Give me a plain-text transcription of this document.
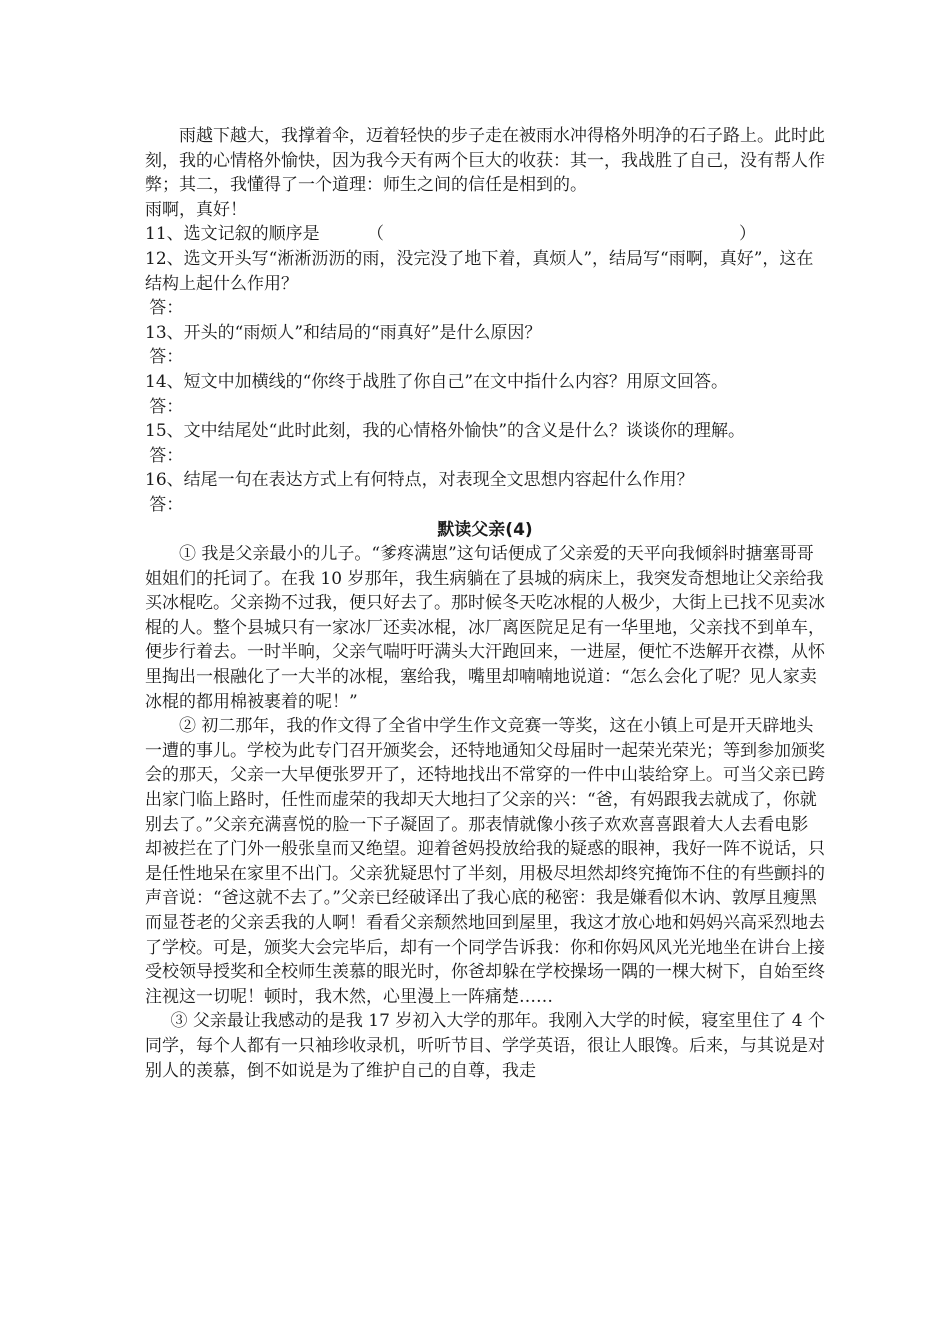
雨越下越大，我撑着伞，迈着轻快的步子走在被雨水冲得格外明净的石子路上。此时此刻，我的心情格外愉快，因为我今天有两个巨大的收获：其一，我战胜了自己，没有帮人作弊；其二，我懂得了一个道理：师生之间的信任是相到的。

雨啊，真好！

11、选文记叙的顺序是	（	）

12、选文开头写“淅淅沥沥的雨，没完没了地下着，真烦人”，结局写“雨啊，真好”，这在结构上起什么作用？

答：

13、开头的“雨烦人”和结局的“雨真好”是什么原因？

答：

14、短文中加横线的“你终于战胜了你自己”在文中指什么内容？用原文回答。

答：

15、文中结尾处“此时此刻，我的心情格外愉快”的含义是什么？谈谈你的理解。

答：

16、结尾一句在表达方式上有何特点，对表现全文思想内容起什么作用？

答：

默读父亲(4)

① 我是父亲最小的儿子。“爹疼满崽”这句话便成了父亲爱的天平向我倾斜时搪塞哥哥姐姐们的托词了。在我 10 岁那年，我生病躺在了县城的病床上，我突发奇想地让父亲给我买冰棍吃。父亲拗不过我，便只好去了。那时候冬天吃冰棍的人极少，大街上已找不见卖冰棍的人。整个县城只有一家冰厂还卖冰棍，冰厂离医院足足有一华里地，父亲找不到单车，便步行着去。一时半晌，父亲气喘吁吁满头大汗跑回来，一进屋，便忙不迭解开衣襟，从怀里掏出一根融化了一大半的冰棍，塞给我，嘴里却喃喃地说道：“怎么会化了呢？见人家卖冰棍的都用棉被裹着的呢！”

② 初二那年，我的作文得了全省中学生作文竞赛一等奖，这在小镇上可是开天辟地头一遭的事儿。学校为此专门召开颁奖会，还特地通知父母届时一起荣光荣光；等到参加颁奖会的那天，父亲一大早便张罗开了，还特地找出不常穿的一件中山装给穿上。可当父亲已跨出家门临上路时，任性而虚荣的我却天大地扫了父亲的兴：“爸，有妈跟我去就成了，你就别去了。”父亲充满喜悦的脸一下子凝固了。那表情就像小孩子欢欢喜喜跟着大人去看电影却被拦在了门外一般张皇而又绝望。迎着爸妈投放给我的疑惑的眼神，我好一阵不说话，只是任性地呆在家里不出门。父亲犹疑思忖了半刻，用极尽坦然却终究掩饰不住的有些颤抖的声音说：“爸这就不去了。”父亲已经破译出了我心底的秘密：我是嫌看似木讷、敦厚且瘦黑而显苍老的父亲丢我的人啊！看看父亲颓然地回到屋里，我这才放心地和妈妈兴高采烈地去了学校。可是，颁奖大会完毕后，却有一个同学告诉我：你和你妈风风光光地坐在讲台上接受校领导授奖和全校师生羡慕的眼光时，你爸却躲在学校操场一隅的一棵大树下，自始至终注视这一切呢！顿时，我木然，心里漫上一阵痛楚……

③ 父亲最让我感动的是我 17 岁初入大学的那年。我刚入大学的时候，寝室里住了 4 个同学，每个人都有一只袖珍收录机，听听节目、学学英语，很让人眼馋。后来，与其说是对别人的羡慕，倒不如说是为了维护自己的自尊，我走
